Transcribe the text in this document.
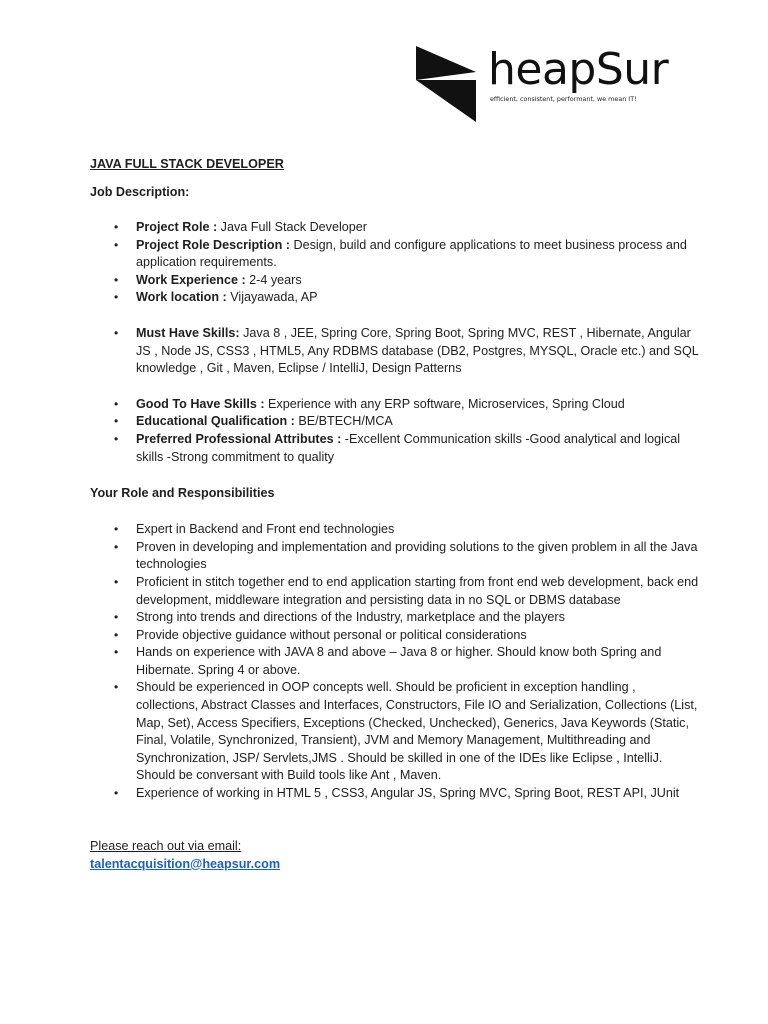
heapSur
efficient, consistent, performant, we mean IT!

JAVA FULL STACK DEVELOPER

Job Description:

• Project Role : Java Full Stack Developer
• Project Role Description : Design, build and configure applications to meet business process and application requirements.
• Work Experience : 2-4 years
• Work location : Vijayawada, AP
• Must Have Skills: Java 8 , JEE, Spring Core, Spring Boot, Spring MVC, REST , Hibernate, Angular JS , Node JS, CSS3 , HTML5, Any RDBMS database (DB2, Postgres, MYSQL, Oracle etc.) and SQL knowledge , Git , Maven, Eclipse / IntelliJ, Design Patterns
• Good To Have Skills : Experience with any ERP software, Microservices, Spring Cloud
• Educational Qualification : BE/BTECH/MCA
• Preferred Professional Attributes : -Excellent Communication skills -Good analytical and logical skills -Strong commitment to quality

Your Role and Responsibilities

• Expert in Backend and Front end technologies
• Proven in developing and implementation and providing solutions to the given problem in all the Java technologies
• Proficient in stitch together end to end application starting from front end web development, back end development, middleware integration and persisting data in no SQL or DBMS database
• Strong into trends and directions of the Industry, marketplace and the players
• Provide objective guidance without personal or political considerations
• Hands on experience with JAVA 8 and above – Java 8 or higher. Should know both Spring and Hibernate. Spring 4 or above.
• Should be experienced in OOP concepts well. Should be proficient in exception handling , collections, Abstract Classes and Interfaces, Constructors, File IO and Serialization, Collections (List, Map, Set), Access Specifiers, Exceptions (Checked, Unchecked), Generics, Java Keywords (Static, Final, Volatile, Synchronized, Transient), JVM and Memory Management, Multithreading and Synchronization, JSP/ Servlets,JMS . Should be skilled in one of the IDEs like Eclipse , IntelliJ. Should be conversant with Build tools like Ant , Maven.
• Experience of working in HTML 5 , CSS3, Angular JS, Spring MVC, Spring Boot, REST API, JUnit
Please reach out via email:
talentacquisition@heapsur.com
